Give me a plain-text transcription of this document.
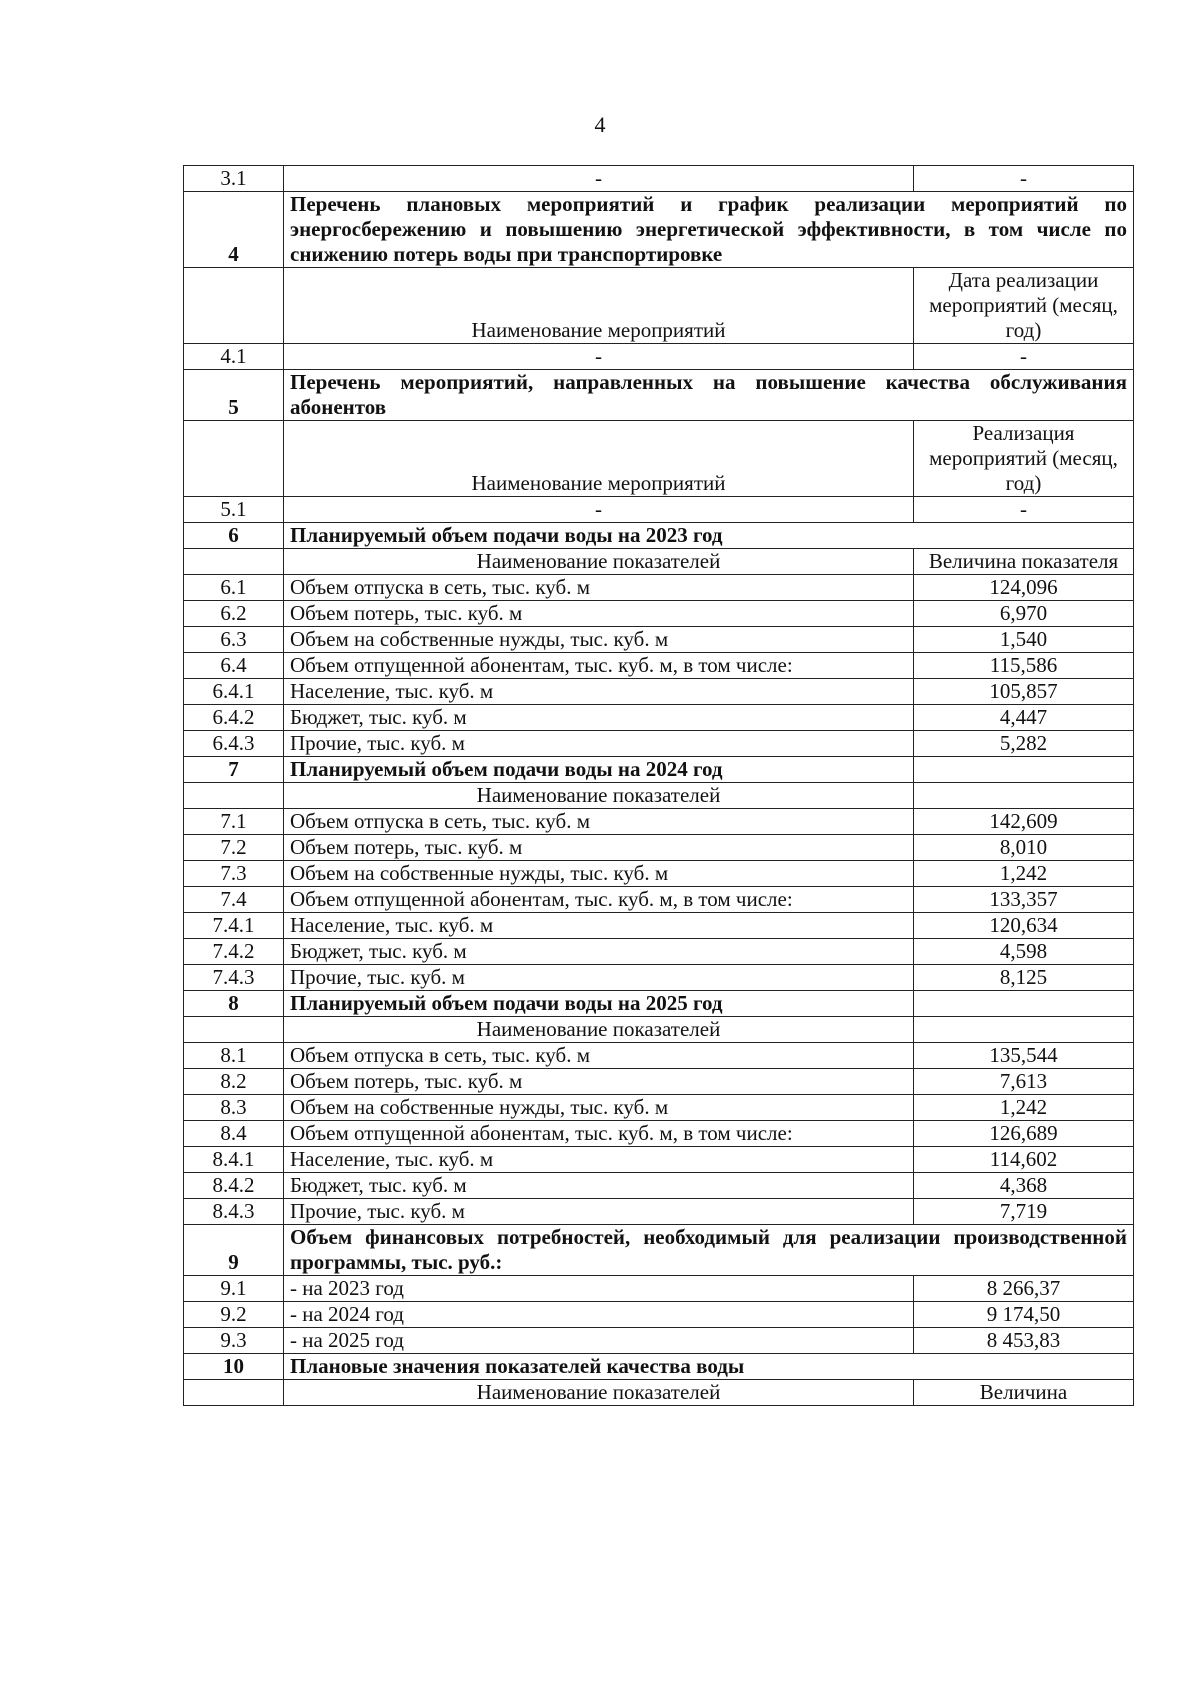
4
3.1	-	-
4	Перечень плановых мероприятий и график реализации мероприятий по энергосбережению и повышению энергетической эффективности, в том числе по снижению потерь воды при транспортировке	
	Наименование мероприятий	Дата реализации мероприятий (месяц, год)
4.1	-	-
5	Перечень мероприятий, направленных на повышение качества обслуживания абонентов	
	Наименование мероприятий	Реализация мероприятий (месяц, год)
5.1	-	-
6	Планируемый объем подачи воды на 2023 год	
	Наименование показателей	Величина показателя
6.1	Объем отпуска в сеть, тыс. куб. м	124,096
6.2	Объем потерь, тыс. куб. м	6,970
6.3	Объем на собственные нужды, тыс. куб. м	1,540
6.4	Объем отпущенной абонентам, тыс. куб. м, в том числе:	115,586
6.4.1	Население, тыс. куб. м	105,857
6.4.2	Бюджет, тыс. куб. м	4,447
6.4.3	Прочие, тыс. куб. м	5,282
7	Планируемый объем подачи воды на 2024 год	
	Наименование показателей	
7.1	Объем отпуска в сеть, тыс. куб. м	142,609
7.2	Объем потерь, тыс. куб. м	8,010
7.3	Объем на собственные нужды, тыс. куб. м	1,242
7.4	Объем отпущенной абонентам, тыс. куб. м, в том числе:	133,357
7.4.1	Население, тыс. куб. м	120,634
7.4.2	Бюджет, тыс. куб. м	4,598
7.4.3	Прочие, тыс. куб. м	8,125
8	Планируемый объем подачи воды на 2025 год	
	Наименование показателей	
8.1	Объем отпуска в сеть, тыс. куб. м	135,544
8.2	Объем потерь, тыс. куб. м	7,613
8.3	Объем на собственные нужды, тыс. куб. м	1,242
8.4	Объем отпущенной абонентам, тыс. куб. м, в том числе:	126,689
8.4.1	Население, тыс. куб. м	114,602
8.4.2	Бюджет, тыс. куб. м	4,368
8.4.3	Прочие, тыс. куб. м	7,719
9	Объем финансовых потребностей, необходимый для реализации производственной программы, тыс. руб.:	
9.1	- на 2023 год	8 266,37
9.2	- на 2024 год	9 174,50
9.3	- на 2025 год	8 453,83
10	Плановые значения показателей качества воды	
	Наименование показателей	Величина
